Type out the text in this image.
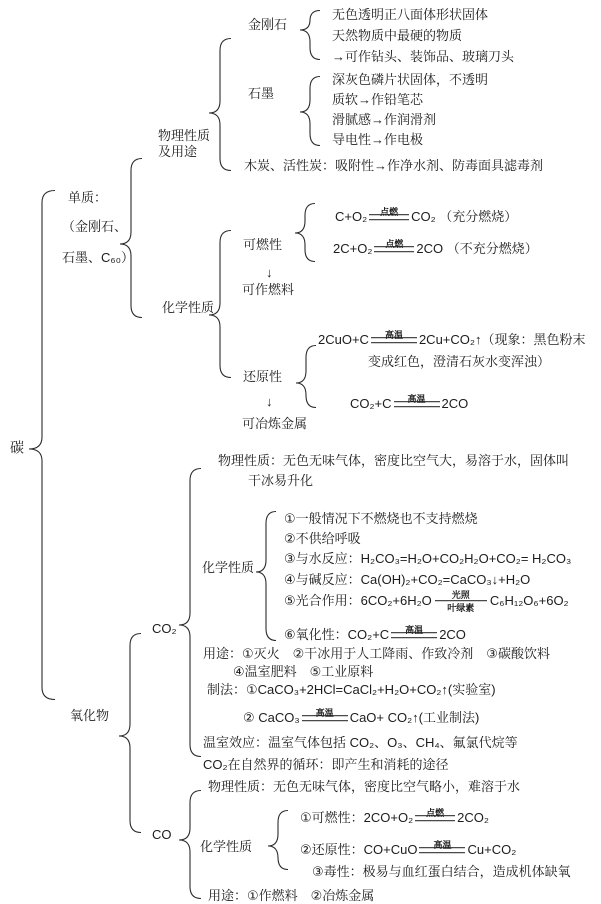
碳
单质：
（金刚石、
石墨、C₆₀）
物理性质
及用途
金刚石
无色透明正八面体形状固体
天然物质中最硬的物质
→可作钻头、装饰品、玻璃刀头
石墨
深灰色磷片状固体，不透明
质软→作铅笔芯
滑腻感→作润滑剂
导电性→作电极
木炭、活性炭：吸附性→作净水剂、防毒面具滤毒剂
化学性质
可燃性
C+O₂ 点燃 CO₂ （充分燃烧）
2C+O₂ 点燃 2CO （不充分燃烧）
↓
可作燃料
还原性
2CuO+C 高温 2Cu+CO₂↑（现象：黑色粉末
变成红色，澄清石灰水变浑浊）
CO₂+C 高温 2CO
↓
可冶炼金属
氧化物
CO₂
CO
物理性质：无色无味气体，密度比空气大，易溶于水，固体叫
干冰易升化
化学性质
①一般情况下不燃烧也不支持燃烧
②不供给呼吸
③与水反应：H₂CO₃=H₂O+CO₂H₂O+CO₂= H₂CO₃
④与碱反应：Ca(OH)₂+CO₂=CaCO₃↓+H₂O
⑤光合作用：6CO₂+6H₂O 光照
叶绿素 C₆H₁₂O₆+6O₂
⑥氧化性：CO₂+C 高温 2CO
用途：①灭火　②干冰用于人工降雨、作致冷剂　③碳酸饮料
④温室肥料　⑤工业原料
制法：①CaCO₃+2HCl=CaCl₂+H₂O+CO₂↑(实验室)
② CaCO₃ 高温 CaO+ CO₂↑(工业制法)
温室效应：温室气体包括 CO₂、O₃、CH₄、氟氯代烷等
CO₂在自然界的循环：即产生和消耗的途径
物理性质：无色无味气体，密度比空气略小，难溶于水
化学性质
①可燃性：2CO+O₂ 点燃 2CO₂
②还原性：CO+CuO 高温 Cu+CO₂
③毒性：极易与血红蛋白结合，造成机体缺氧
用途：①作燃料　②冶炼金属
